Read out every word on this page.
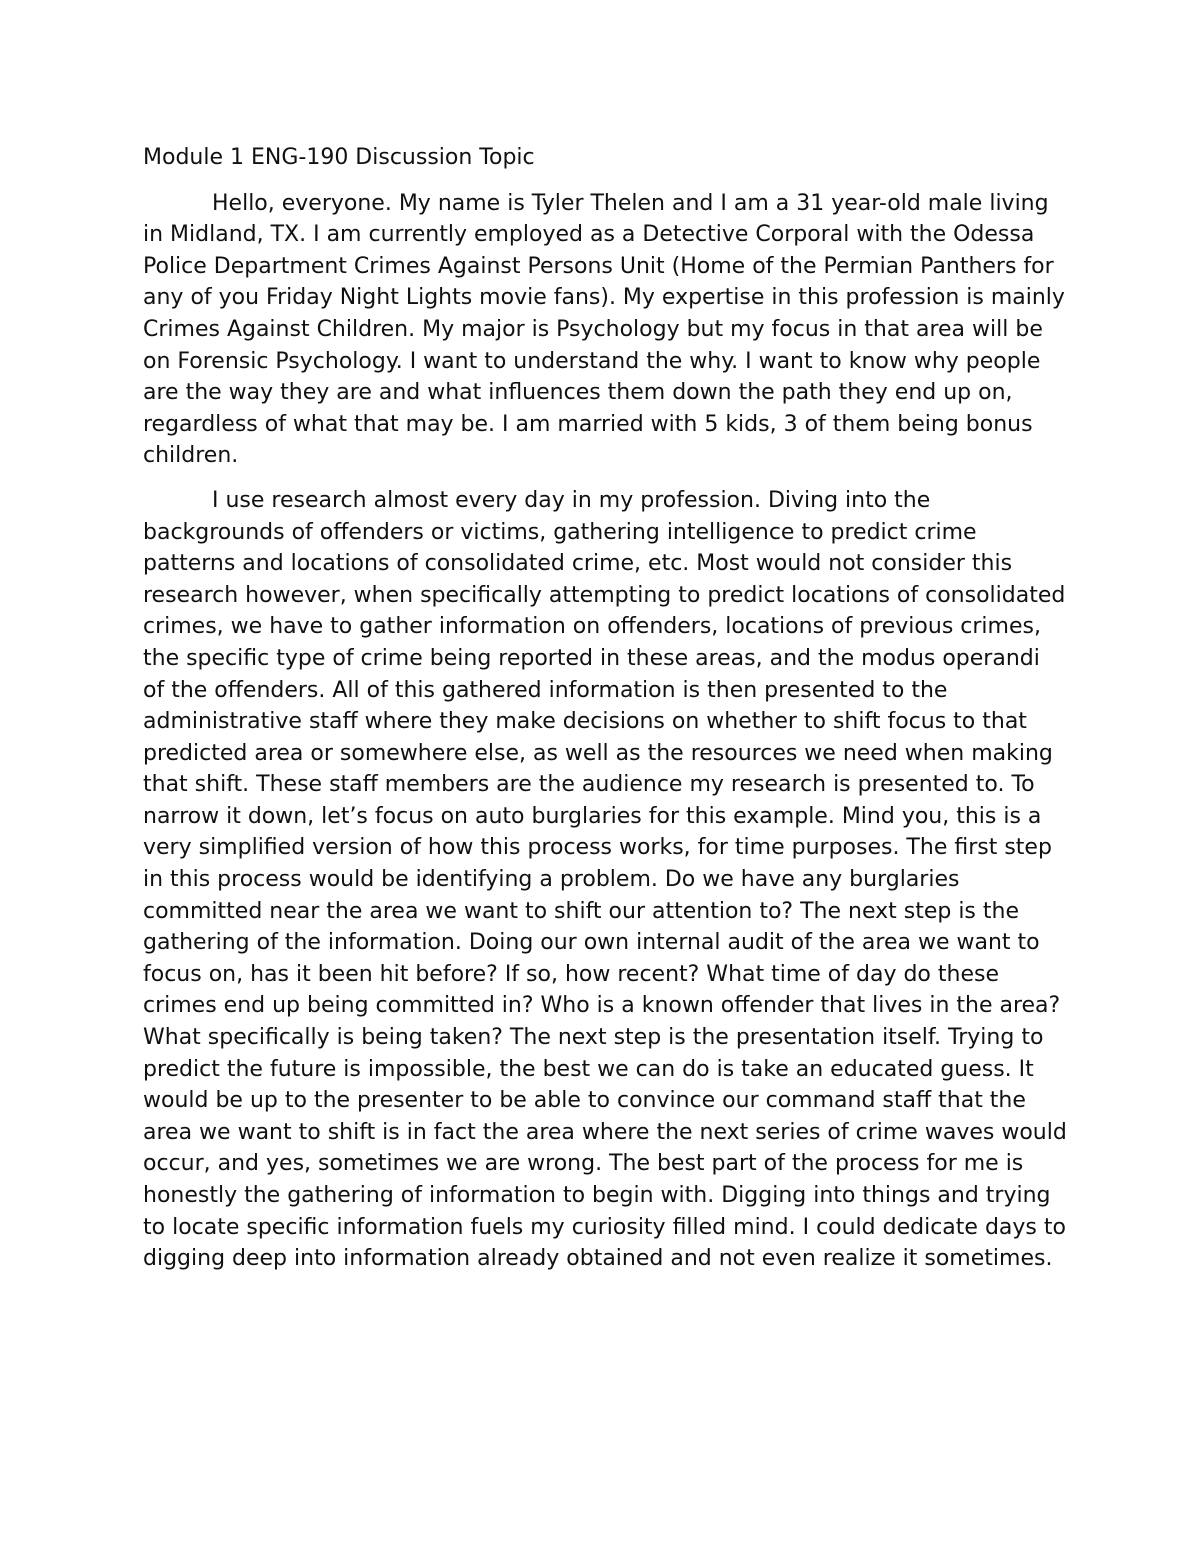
Module 1 ENG-190 Discussion Topic

Hello, everyone. My name is Tyler Thelen and I am a 31 year-old male living in Midland, TX. I am currently employed as a Detective Corporal with the Odessa Police Department Crimes Against Persons Unit (Home of the Permian Panthers for any of you Friday Night Lights movie fans). My expertise in this profession is mainly Crimes Against Children. My major is Psychology but my focus in that area will be on Forensic Psychology. I want to understand the why. I want to know why people are the way they are and what influences them down the path they end up on, regardless of what that may be. I am married with 5 kids, 3 of them being bonus children.

I use research almost every day in my profession. Diving into the backgrounds of offenders or victims, gathering intelligence to predict crime patterns and locations of consolidated crime, etc. Most would not consider this research however, when specifically attempting to predict locations of consolidated crimes, we have to gather information on offenders, locations of previous crimes, the specific type of crime being reported in these areas, and the modus operandi of the offenders. All of this gathered information is then presented to the administrative staff where they make decisions on whether to shift focus to that predicted area or somewhere else, as well as the resources we need when making that shift. These staff members are the audience my research is presented to. To narrow it down, let’s focus on auto burglaries for this example. Mind you, this is a very simplified version of how this process works, for time purposes. The first step in this process would be identifying a problem. Do we have any burglaries committed near the area we want to shift our attention to? The next step is the gathering of the information. Doing our own internal audit of the area we want to focus on, has it been hit before? If so, how recent? What time of day do these crimes end up being committed in? Who is a known offender that lives in the area? What specifically is being taken? The next step is the presentation itself. Trying to predict the future is impossible, the best we can do is take an educated guess. It would be up to the presenter to be able to convince our command staff that the area we want to shift is in fact the area where the next series of crime waves would occur, and yes, sometimes we are wrong. The best part of the process for me is honestly the gathering of information to begin with. Digging into things and trying to locate specific information fuels my curiosity filled mind. I could dedicate days to digging deep into information already obtained and not even realize it sometimes.
